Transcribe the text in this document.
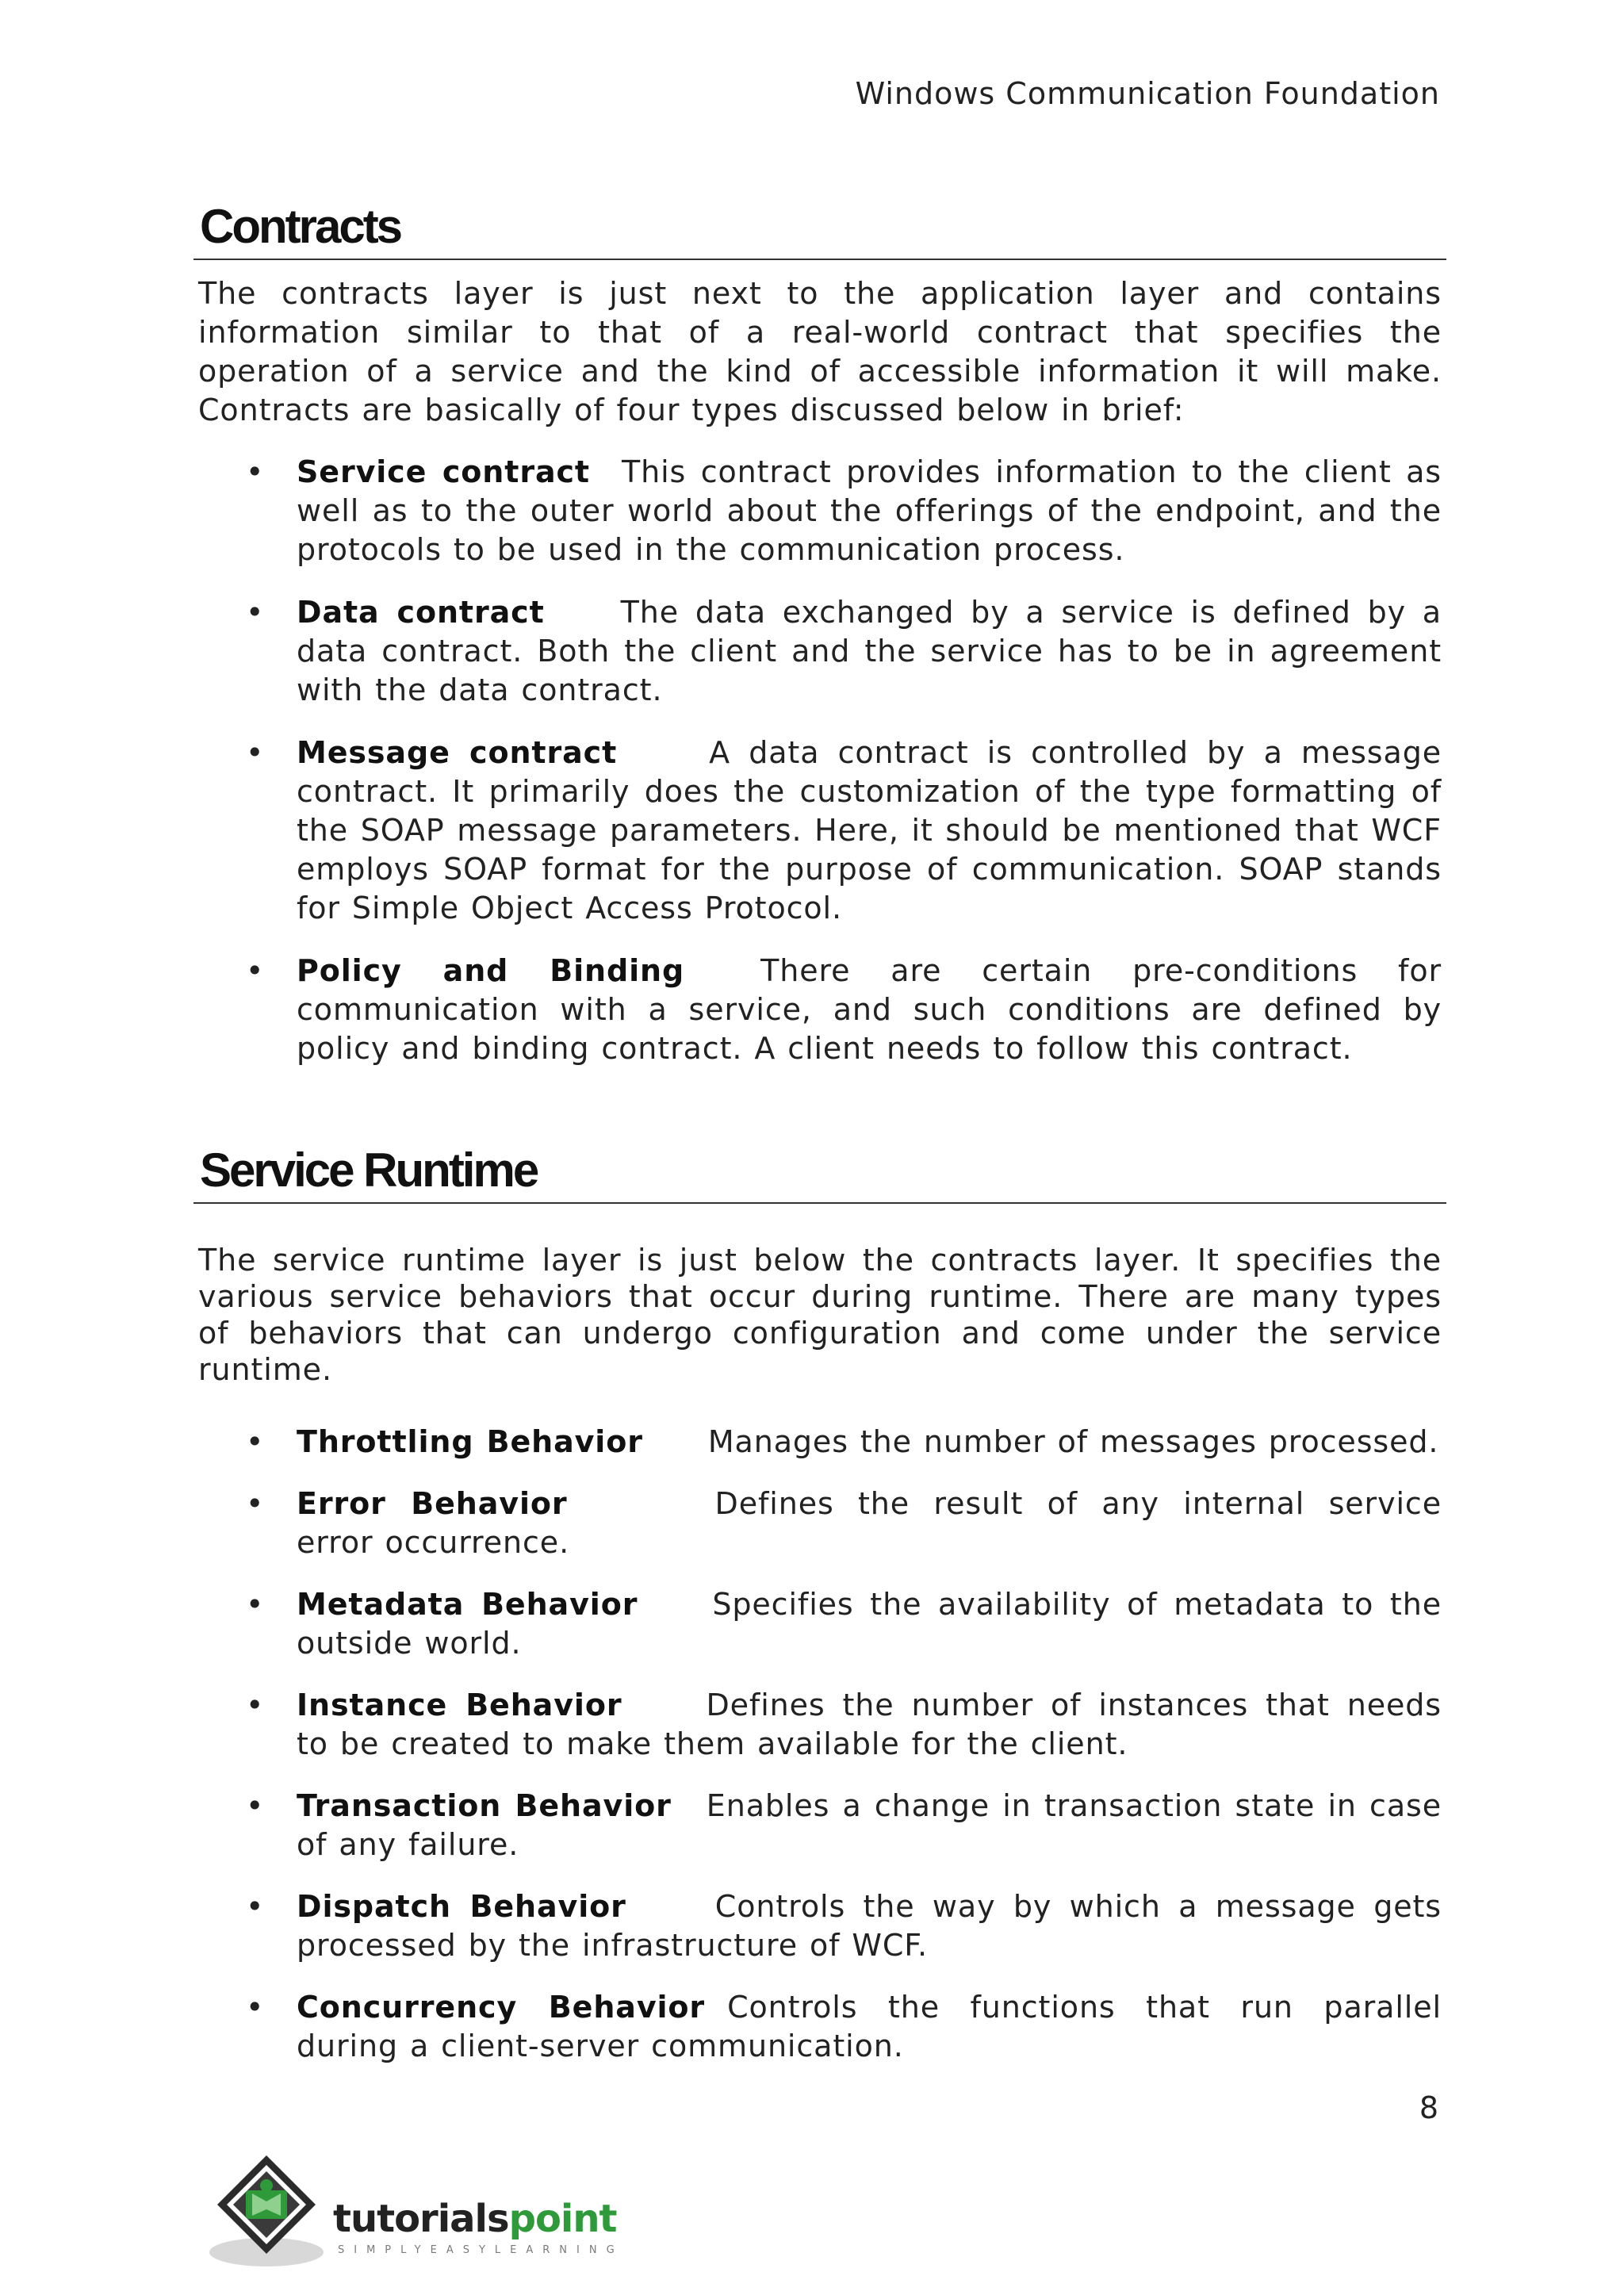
Windows Communication Foundation
Contracts

The contracts layer is just next to the application layer and contains information similar to that of a real-world contract that specifies the operation of a service and the kind of accessible information it will make. Contracts are basically of four types discussed below in brief:

• Service contract This contract provides information to the client as well as to the outer world about the offerings of the endpoint, and the protocols to be used in the communication process.
• Data contract	The data exchanged by a service is defined by a data contract. Both the client and the service has to be in agreement with the data contract.
• Message contract	A data contract is controlled by a message contract. It primarily does the customization of the type formatting of the SOAP message parameters. Here, it should be mentioned that WCF employs SOAP format for the purpose of communication. SOAP stands for Simple Object Access Protocol.
• Policy and Binding	There are certain pre-conditions for communication with a service, and such conditions are defined by policy and binding contract. A client needs to follow this contract.
Service Runtime

The service runtime layer is just below the contracts layer. It specifies the various service behaviors that occur during runtime. There are many types of behaviors that can undergo configuration and come under the service runtime.

• Throttling Behavior Manages the number of messages processed.
• Error Behavior	Defines the result of any internal service error occurrence.
• Metadata Behavior Specifies the availability of metadata to the outside world.
• Instance Behavior	Defines the number of instances that needs to be created to make them available for the client.
• Transaction Behavior Enables a change in transaction state in case of any failure.
• Dispatch Behavior	Controls the way by which a message gets processed by the infrastructure of WCF.
• Concurrency Behavior Controls the functions that run parallel during a client-server communication.
8
tutorialspoint
SIMPLYEASYLEARNING
